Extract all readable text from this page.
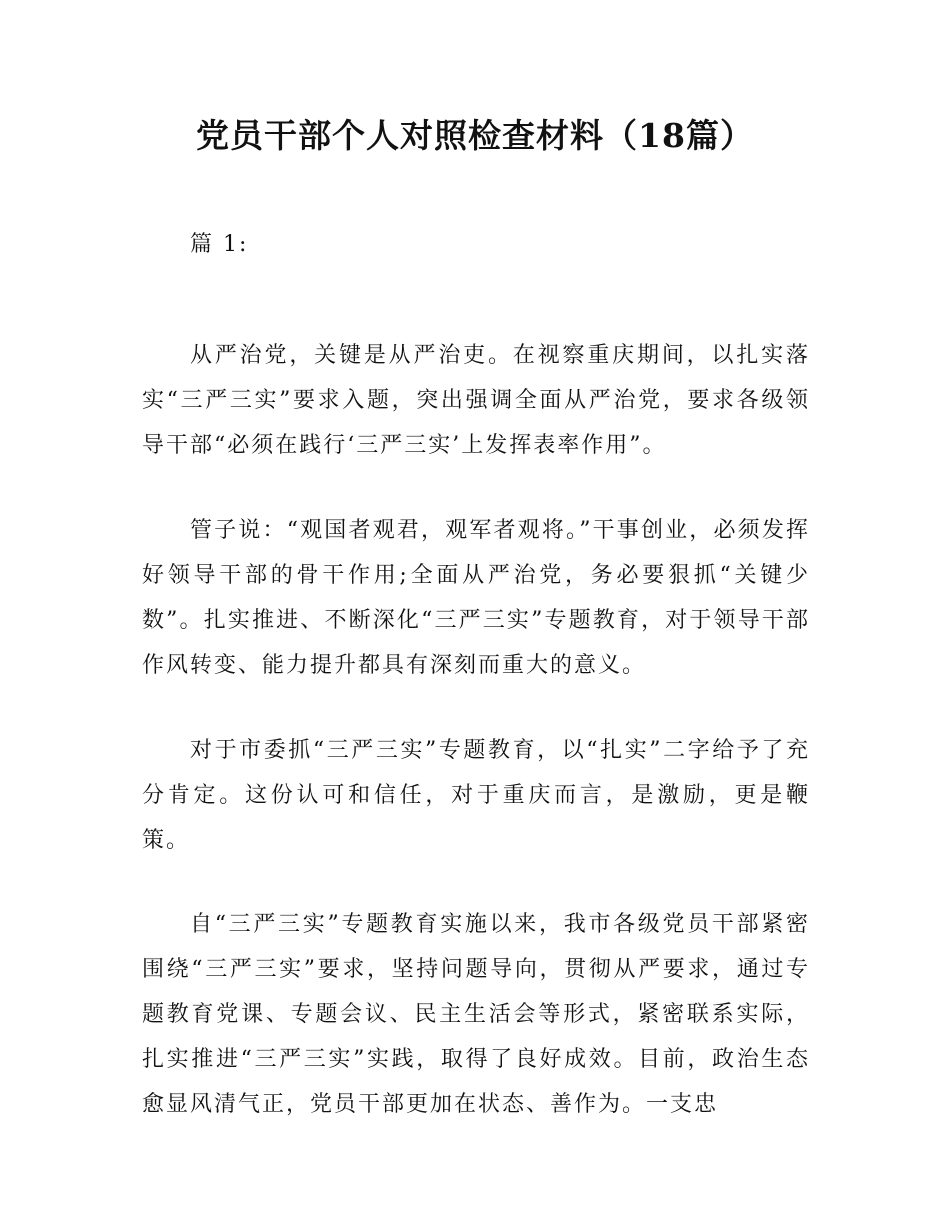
党员干部个人对照检查材料（18篇）

篇 1:

从严治党，关键是从严治吏。在视察重庆期间，以扎实落实“三严三实”要求入题，突出强调全面从严治党，要求各级领导干部“必须在践行‘三严三实’上发挥表率作用”。

管子说：“观国者观君，观军者观将。”干事创业，必须发挥好领导干部的骨干作用;全面从严治党，务必要狠抓“关键少数”。扎实推进、不断深化“三严三实”专题教育，对于领导干部作风转变、能力提升都具有深刻而重大的意义。

对于市委抓“三严三实”专题教育，以“扎实”二字给予了充分肯定。这份认可和信任，对于重庆而言，是激励，更是鞭策。

自“三严三实”专题教育实施以来，我市各级党员干部紧密围绕“三严三实”要求，坚持问题导向，贯彻从严要求，通过专题教育党课、专题会议、民主生活会等形式，紧密联系实际，扎实推进“三严三实”实践，取得了良好成效。目前，政治生态愈显风清气正，党员干部更加在状态、善作为。一支忠
